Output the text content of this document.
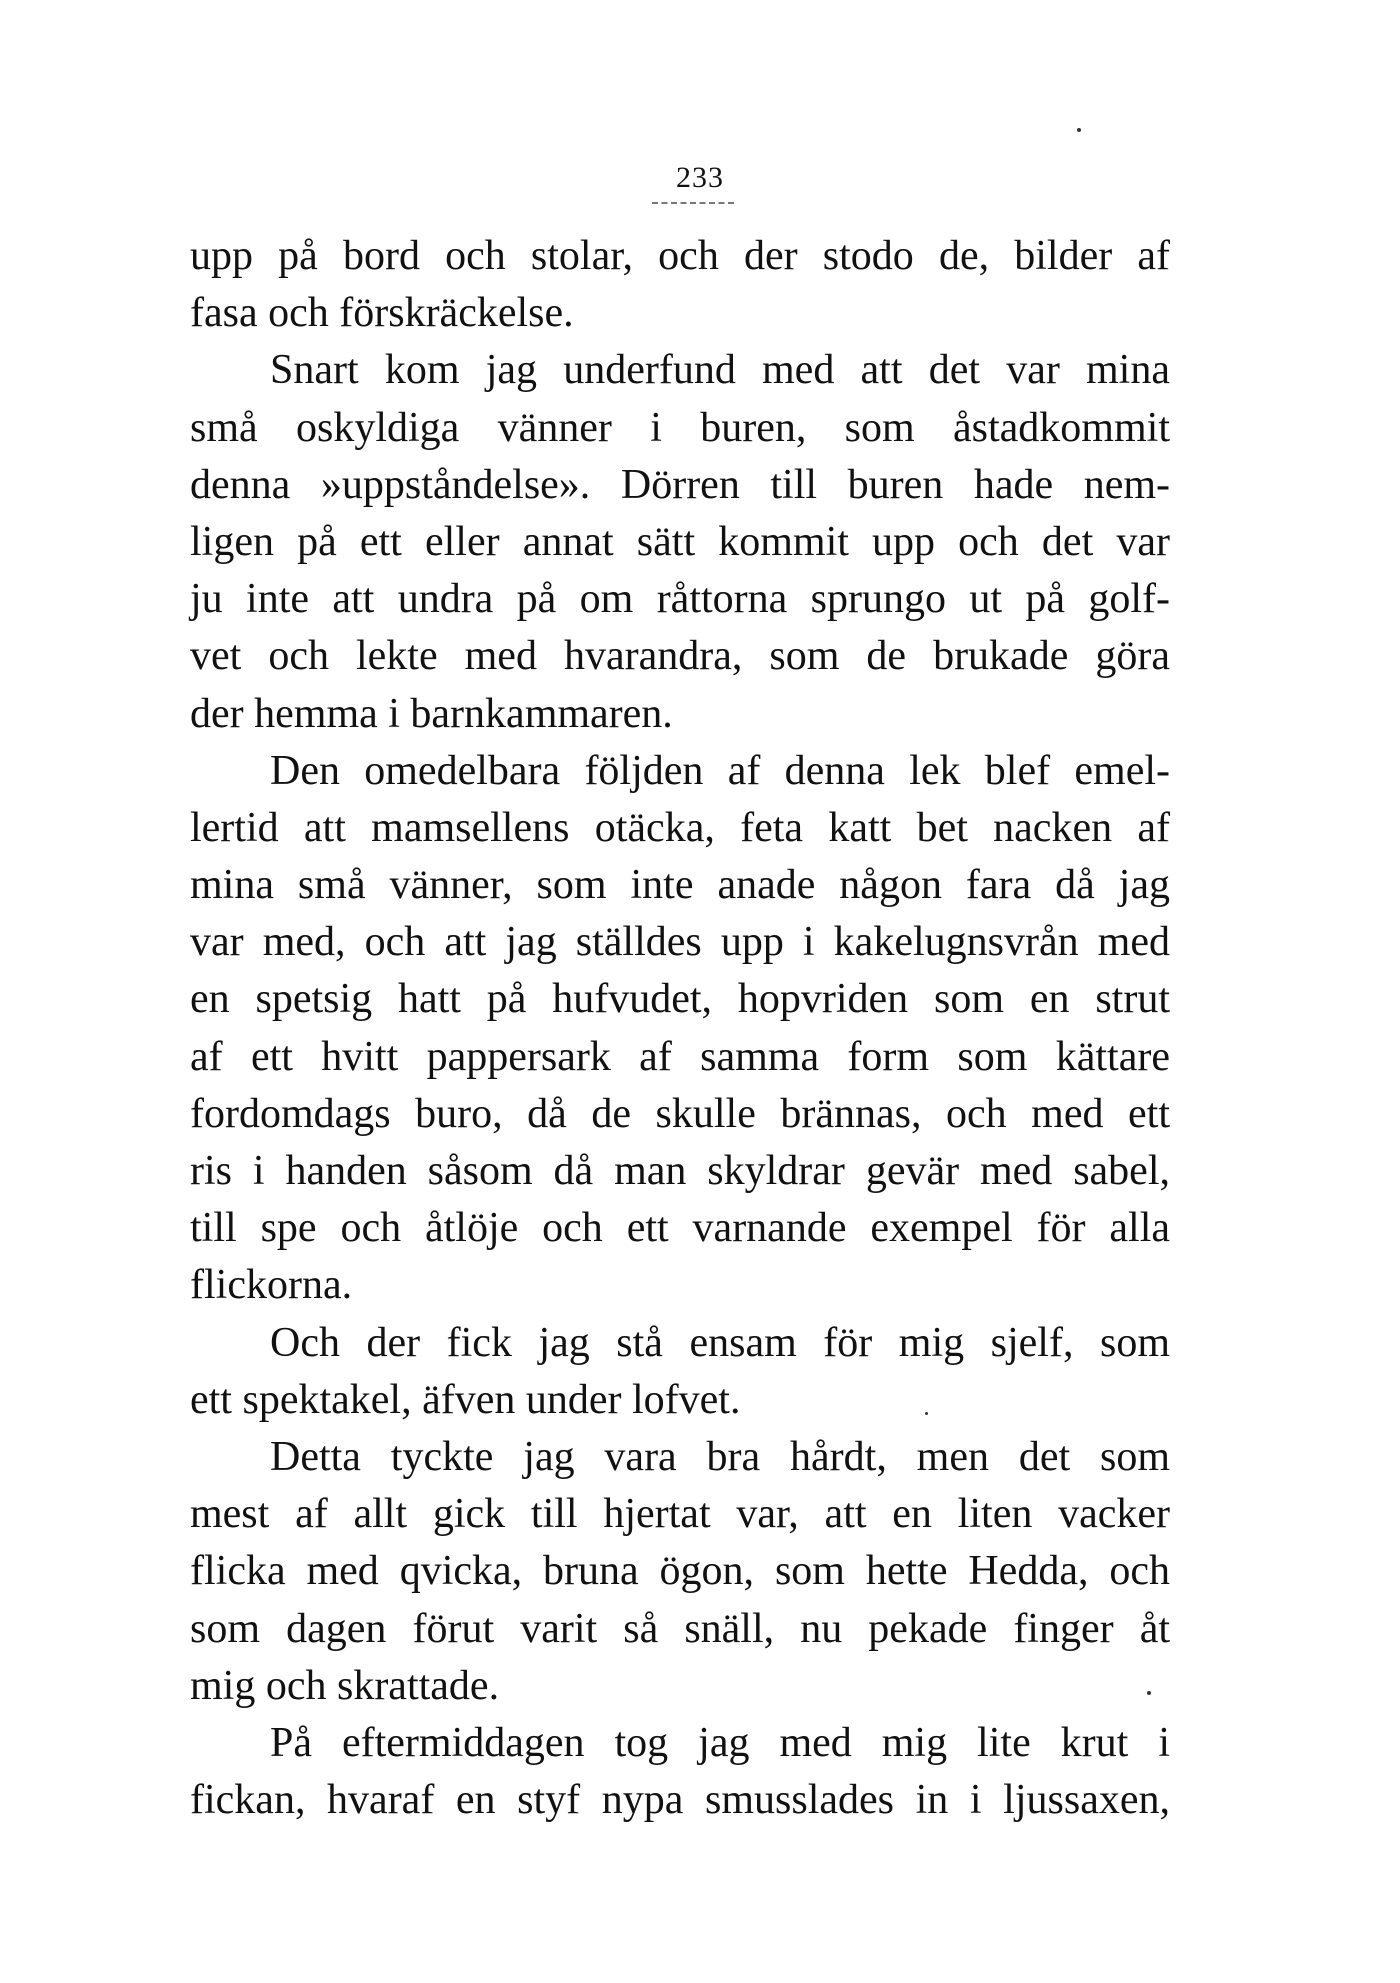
233
upp på bord och stolar, och der stodo de, bilder af
fasa och förskräckelse.
Snart kom jag underfund med att det var mina
små oskyldiga vänner i buren, som åstadkommit
denna »uppståndelse». Dörren till buren hade nem-
ligen på ett eller annat sätt kommit upp och det var
ju inte att undra på om råttorna sprungo ut på golf-
vet och lekte med hvarandra, som de brukade göra
der hemma i barnkammaren.
Den omedelbara följden af denna lek blef emel-
lertid att mamsellens otäcka, feta katt bet nacken af
mina små vänner, som inte anade någon fara då jag
var med, och att jag ställdes upp i kakelugnsvrån med
en spetsig hatt på hufvudet, hopvriden som en strut
af ett hvitt pappersark af samma form som kättare
fordomdags buro, då de skulle brännas, och med ett
ris i handen såsom då man skyldrar gevär med sabel,
till spe och åtlöje och ett varnande exempel för alla
flickorna.
Och der fick jag stå ensam för mig sjelf, som
ett spektakel, äfven under lofvet.
Detta tyckte jag vara bra hårdt, men det som
mest af allt gick till hjertat var, att en liten vacker
flicka med qvicka, bruna ögon, som hette Hedda, och
som dagen förut varit så snäll, nu pekade finger åt
mig och skrattade.
På eftermiddagen tog jag med mig lite krut i
fickan, hvaraf en styf nypa smusslades in i ljussaxen,
